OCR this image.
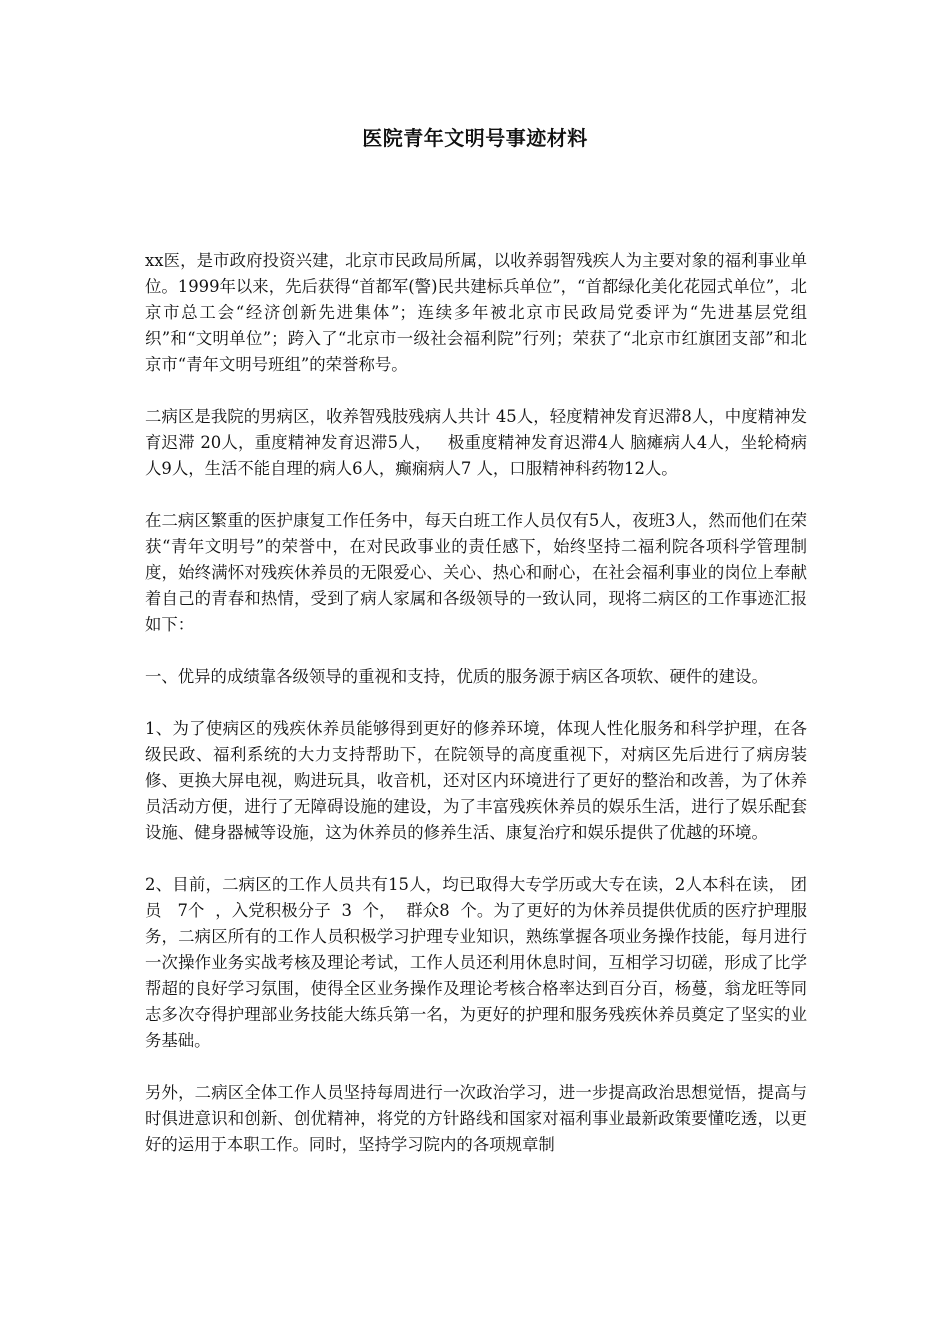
医院青年文明号事迹材料

xx医，是市政府投资兴建，北京市民政局所属，以收养弱智残疾人为主要对象的福利事业单位。1999年以来，先后获得“首都军(警)民共建标兵单位”，“首都绿化美化花园式单位”，北京市总工会“经济创新先进集体”；连续多年被北京市民政局党委评为“先进基层党组织”和“文明单位”；跨入了“北京市一级社会福利院”行列；荣获了“北京市红旗团支部”和北京市“青年文明号班组”的荣誉称号。

二病区是我院的男病区，收养智残肢残病人共计 45人，轻度精神发育迟滞8人，中度精神发育迟滞 20人，重度精神发育迟滞5人，   极重度精神发育迟滞4人 脑瘫病人4人，坐轮椅病人9人，生活不能自理的病人6人，癫痫病人7 人，口服精神科药物12人。

在二病区繁重的医护康复工作任务中，每天白班工作人员仅有5人，夜班3人，然而他们在荣获“青年文明号”的荣誉中，在对民政事业的责任感下，始终坚持二福利院各项科学管理制度，始终满怀对残疾休养员的无限爱心、关心、热心和耐心，在社会福利事业的岗位上奉献着自己的青春和热情，受到了病人家属和各级领导的一致认同，现将二病区的工作事迹汇报如下：

一、优异的成绩靠各级领导的重视和支持，优质的服务源于病区各项软、硬件的建设。

1、为了使病区的残疾休养员能够得到更好的修养环境，体现人性化服务和科学护理，在各级民政、福利系统的大力支持帮助下，在院领导的高度重视下，对病区先后进行了病房装修、更换大屏电视，购进玩具，收音机，还对区内环境进行了更好的整治和改善，为了休养员活动方便，进行了无障碍设施的建设，为了丰富残疾休养员的娱乐生活，进行了娱乐配套设施、健身器械等设施，这为休养员的修养生活、康复治疗和娱乐提供了优越的环境。

2、目前，二病区的工作人员共有15人，均已取得大专学历或大专在读，2人本科在读， 团员   7个  ，入党积极分子  3  个，  群众8  个。为了更好的为休养员提供优质的医疗护理服务，二病区所有的工作人员积极学习护理专业知识，熟练掌握各项业务操作技能，每月进行一次操作业务实战考核及理论考试，工作人员还利用休息时间，互相学习切磋，形成了比学帮超的良好学习氛围，使得全区业务操作及理论考核合格率达到百分百，杨蔓，翁龙旺等同志多次夺得护理部业务技能大练兵第一名，为更好的护理和服务残疾休养员奠定了坚实的业务基础。

另外，二病区全体工作人员坚持每周进行一次政治学习，进一步提高政治思想觉悟，提高与时俱进意识和创新、创优精神，将党的方针路线和国家对福利事业最新政策要懂吃透，以更好的运用于本职工作。同时，坚持学习院内的各项规章制
